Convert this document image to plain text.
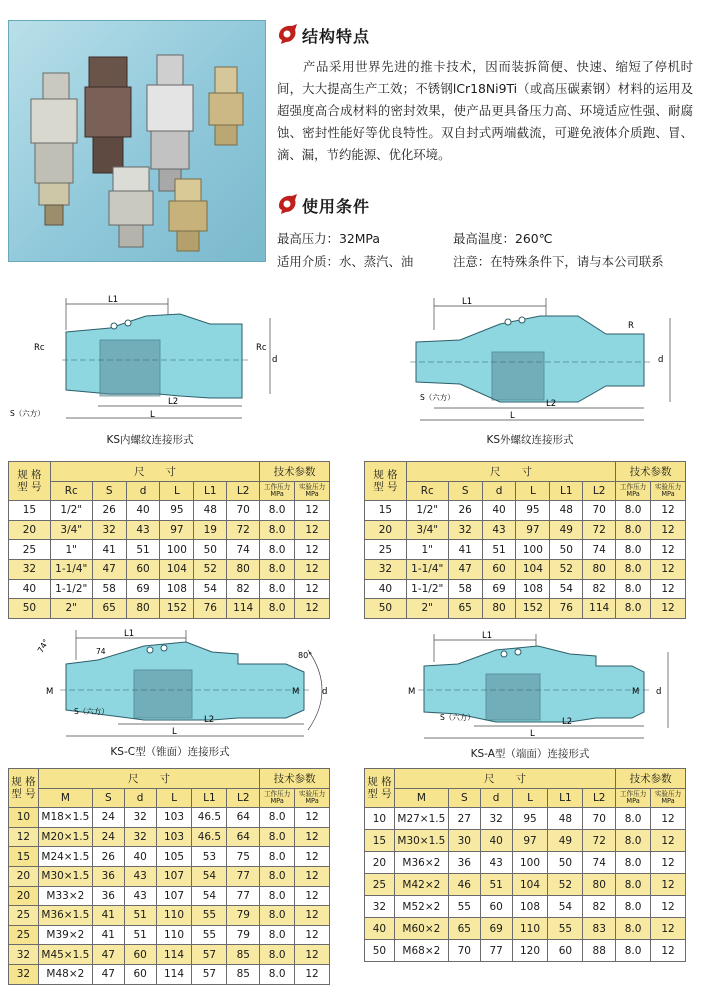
结构特点
产品采用世界先进的推卡技术，因而装拆简便、快速、缩短了停机时间，大大提高生产工效；不锈钢lCr18Ni9Ti（或高压碳素钢）材料的运用及超强度高合成材料的密封效果，使产品更具备压力高、环境适应性强、耐腐蚀、密封性能好等优良特性。双自封式两端截流，可避免液体介质跑、冒、滴、漏，节约能源、优化环境。
使用条件
最高压力：32MPa	最高温度：260℃
适用介质：水、蒸汽、油	注意：在特殊条件下，请与本公司联系
L1
Rc	Rc
d
L2
L
S（六方）
KS内螺纹连接形式
L1
R
d
L2
L
S（六方）
KS外螺纹连接形式
规 格
型 号	尺　　寸						技术参数	
	Rc	S	d	L	L1	L2	工作压力
MPa	实验压力
MPa
15	1/2"	26	40	95	48	70	8.0	12
20	3/4"	32	43	97	19	72	8.0	12
25	1"	41	51	100	50	74	8.0	12
32	1-1/4"	47	60	104	52	80	8.0	12
40	1-1/2"	58	69	108	54	82	8.0	12
50	2"	65	80	152	76	114	8.0	12
规 格
型 号	尺　　寸						技术参数	
	Rc	S	d	L	L1	L2	工作压力
MPa	实验压力
MPa
15	1/2"	26	40	95	48	70	8.0	12
20	3/4"	32	43	97	49	72	8.0	12
25	1"	41	51	100	50	74	8.0	12
32	1-1/4"	47	60	104	52	80	8.0	12
40	1-1/2"	58	69	108	54	82	8.0	12
50	2"	65	80	152	76	114	8.0	12
74°	74
L1
M	M
80°
d
L2
L
S（六方）
KS-C型（锥面）连接形式
L1
M	M d
L2
L
S（六方）
KS-A型（端面）连接形式
规 格
型 号	尺　　寸						技术参数	
	M	S	d	L	L1	L2	工作压力
MPa	实验压力
MPa
10	M18×1.5	24	32	103	46.5	64	8.0	12
12	M20×1.5	24	32	103	46.5	64	8.0	12
15	M24×1.5	26	40	105	53	75	8.0	12
20	M30×1.5	36	43	107	54	77	8.0	12
20	M33×2	36	43	107	54	77	8.0	12
25	M36×1.5	41	51	110	55	79	8.0	12
25	M39×2	41	51	110	55	79	8.0	12
32	M45×1.5	47	60	114	57	85	8.0	12
32	M48×2	47	60	114	57	85	8.0	12
规 格
型 号	尺　　寸						技术参数	
	M	S	d	L	L1	L2	工作压力
MPa	实验压力
MPa
10	M27×1.5	27	32	95	48	70	8.0	12
15	M30×1.5	30	40	97	49	72	8.0	12
20	M36×2	36	43	100	50	74	8.0	12
25	M42×2	46	51	104	52	80	8.0	12
32	M52×2	55	60	108	54	82	8.0	12
40	M60×2	65	69	110	55	83	8.0	12
50	M68×2	70	77	120	60	88	8.0	12
